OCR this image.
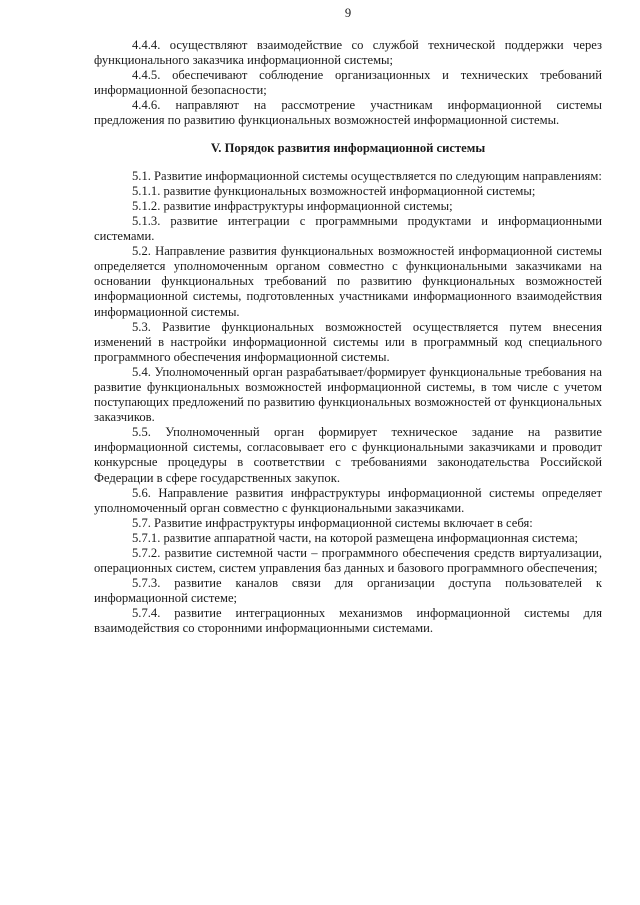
9

4.4.4. осуществляют взаимодействие со службой технической поддержки через функционального заказчика информационной системы;

4.4.5. обеспечивают соблюдение организационных и технических требований информационной безопасности;

4.4.6. направляют на рассмотрение участникам информационной системы предложения по развитию функциональных возможностей информационной системы.

V. Порядок развития информационной системы

5.1. Развитие информационной системы осуществляется по следующим направлениям:

5.1.1. развитие функциональных возможностей информационной системы;

5.1.2. развитие инфраструктуры информационной системы;

5.1.3. развитие интеграции с программными продуктами и информационными системами.

5.2. Направление развития функциональных возможностей информационной системы определяется уполномоченным органом совместно с функциональными заказчиками на основании функциональных требований по развитию функциональных возможностей информационной системы, подготовленных участниками информационного взаимодействия информационной системы.

5.3. Развитие функциональных возможностей осуществляется путем внесения изменений в настройки информационной системы или в программный код специального программного обеспечения информационной системы.

5.4. Уполномоченный орган разрабатывает/формирует функциональные требования на развитие функциональных возможностей информационной системы, в том числе с учетом поступающих предложений по развитию функциональных возможностей от функциональных заказчиков.

5.5. Уполномоченный орган формирует техническое задание на развитие информационной системы, согласовывает его с функциональными заказчиками и проводит конкурсные процедуры в соответствии с требованиями законодательства Российской Федерации в сфере государственных закупок.

5.6. Направление развития инфраструктуры информационной системы определяет уполномоченный орган совместно с функциональными заказчиками.

5.7. Развитие инфраструктуры информационной системы включает в себя:

5.7.1. развитие аппаратной части, на которой размещена информационная система;

5.7.2. развитие системной части – программного обеспечения средств виртуализации, операционных систем, систем управления баз данных и базового программного обеспечения;

5.7.3. развитие каналов связи для организации доступа пользователей к информационной системе;

5.7.4. развитие интеграционных механизмов информационной системы для взаимодействия со сторонними информационными системами.
